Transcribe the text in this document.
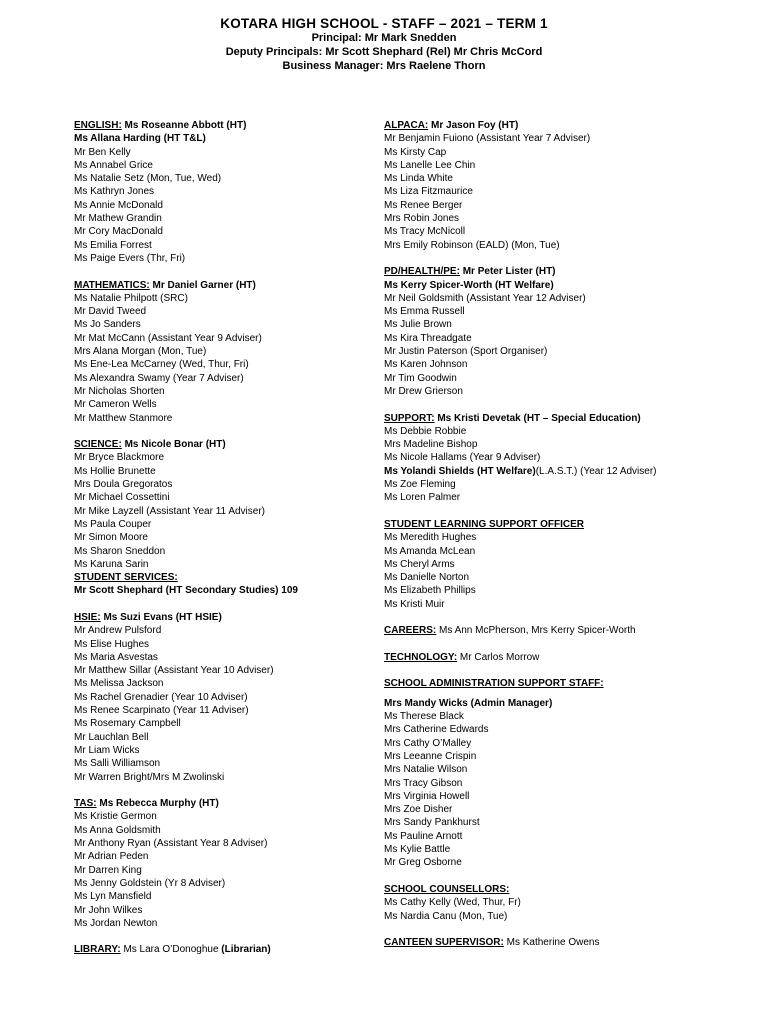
KOTARA HIGH SCHOOL - STAFF – 2021 – TERM 1
Principal: Mr Mark Snedden
Deputy Principals: Mr Scott Shephard (Rel) Mr Chris McCord
Business Manager: Mrs Raelene Thorn
ENGLISH: Ms Roseanne Abbott (HT)
Ms Allana Harding (HT T&L)
Mr Ben Kelly
Ms Annabel Grice
Ms Natalie Setz (Mon, Tue, Wed)
Ms Kathryn Jones
Ms Annie McDonald
Mr Mathew Grandin
Mr Cory MacDonald
Ms Emilia Forrest
Ms Paige Evers (Thr, Fri)
MATHEMATICS: Mr Daniel Garner (HT)
Ms Natalie Philpott (SRC)
Mr David Tweed
Ms Jo Sanders
Mr Mat McCann (Assistant Year 9 Adviser)
Mrs Alana Morgan (Mon, Tue)
Ms Ene-Lea McCarney (Wed, Thur, Fri)
Ms Alexandra Swamy (Year 7 Adviser)
Mr Nicholas Shorten
Mr Cameron Wells
Mr Matthew Stanmore
SCIENCE: Ms Nicole Bonar (HT)
Mr Bryce Blackmore
Ms Hollie Brunette
Mrs Doula Gregoratos
Mr Michael Cossettini
Mr Mike Layzell (Assistant Year 11 Adviser)
Ms Paula Couper
Mr Simon Moore
Ms Sharon Sneddon
Ms Karuna Sarin
STUDENT SERVICES:
Mr Scott Shephard (HT Secondary Studies) 109
HSIE: Ms Suzi Evans (HT HSIE)
Mr Andrew Pulsford
Ms Elise Hughes
Ms Maria Asvestas
Mr Matthew Sillar (Assistant Year 10 Adviser)
Ms Melissa Jackson
Ms Rachel Grenadier (Year 10 Adviser)
Ms Renee Scarpinato (Year 11 Adviser)
Ms Rosemary Campbell
Mr Lauchlan Bell
Mr Liam Wicks
Ms Salli Williamson
Mr Warren Bright/Mrs M Zwolinski
TAS: Ms Rebecca Murphy (HT)
Ms Kristie Germon
Ms Anna Goldsmith
Mr Anthony Ryan (Assistant Year 8 Adviser)
Mr Adrian Peden
Mr Darren King
Ms Jenny Goldstein (Yr 8 Adviser)
Ms Lyn Mansfield
Mr John Wilkes
Ms Jordan Newton
LIBRARY: Ms Lara O’Donoghue (Librarian)
ALPACA: Mr Jason Foy (HT)
Mr Benjamin Fuiono (Assistant Year 7 Adviser)
Ms Kirsty Cap
Ms Lanelle Lee Chin
Ms Linda White
Ms Liza Fitzmaurice
Ms Renee Berger
Mrs Robin Jones
Ms Tracy McNicoll
Mrs Emily Robinson (EALD) (Mon, Tue)
PD/HEALTH/PE: Mr Peter Lister (HT)
Ms Kerry Spicer-Worth (HT Welfare)
Mr Neil Goldsmith (Assistant Year 12 Adviser)
Ms Emma Russell
Ms Julie Brown
Ms Kira Threadgate
Mr Justin Paterson (Sport Organiser)
Ms Karen Johnson
Mr Tim Goodwin
Mr Drew Grierson
SUPPORT: Ms Kristi Devetak (HT – Special Education)
Ms Debbie Robbie
Mrs Madeline Bishop
Ms Nicole Hallams (Year 9 Adviser)
Ms Yolandi Shields (HT Welfare)(L.A.S.T.) (Year 12 Adviser)
Ms Zoe Fleming
Ms Loren Palmer
STUDENT LEARNING SUPPORT OFFICER
Ms Meredith Hughes
Ms Amanda McLean
Ms Cheryl Arms
Ms Danielle Norton
Ms Elizabeth Phillips
Ms Kristi Muir
CAREERS: Ms Ann McPherson, Mrs Kerry Spicer-Worth
TECHNOLOGY: Mr Carlos Morrow
SCHOOL ADMINISTRATION SUPPORT STAFF:
Mrs Mandy Wicks (Admin Manager)
Ms Therese Black
Mrs Catherine Edwards
Mrs Cathy O’Malley
Mrs Leeanne Crispin
Mrs Natalie Wilson
Mrs Tracy Gibson
Mrs Virginia Howell
Mrs Zoe Disher
Mrs Sandy Pankhurst
Ms Pauline Arnott
Ms Kylie Battle
Mr Greg Osborne
SCHOOL COUNSELLORS:
Ms Cathy Kelly (Wed, Thur, Fr)
Ms Nardia Canu (Mon, Tue)
CANTEEN SUPERVISOR: Ms Katherine Owens
